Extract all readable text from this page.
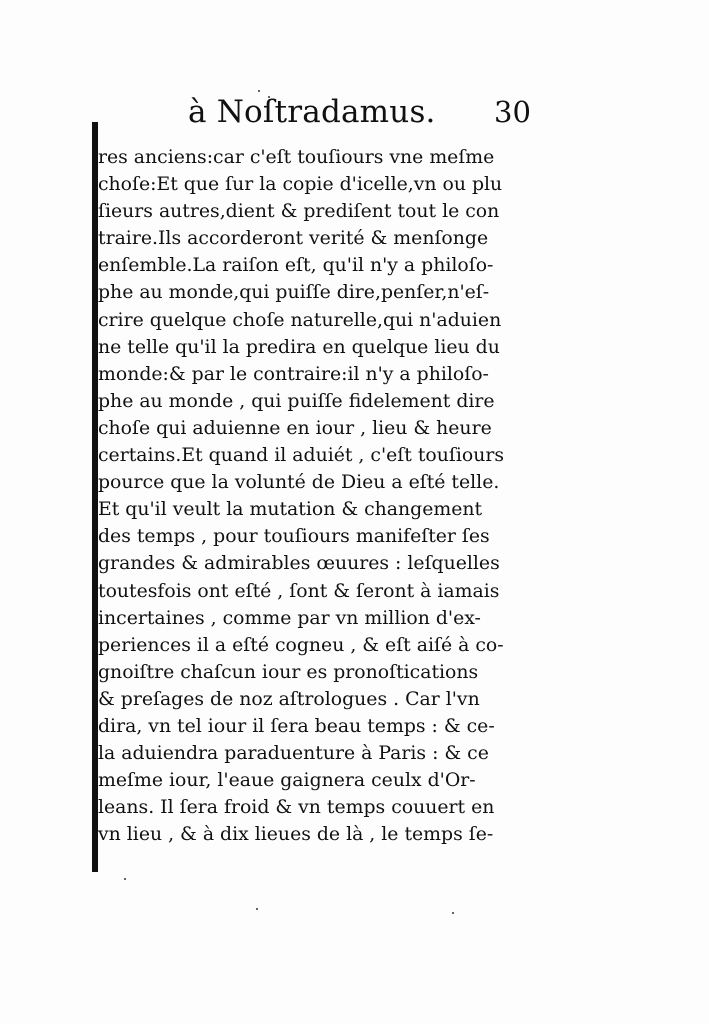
à Noſtradamus. 30
res anciens:car c'eſt touſiours vne meſme
choſe:Et que ſur la copie d'icelle,vn ou plu
ſieurs autres,dient & prediſent tout le con
traire.Ils accorderont verité & menſonge
enſemble.La raiſon eſt, qu'il n'y a philoſo-
phe au monde,qui puiſſe dire,penſer,n'eſ-
crire quelque choſe naturelle,qui n'aduien
ne telle qu'il la predira en quelque lieu du
monde:& par le contraire:il n'y a philoſo-
phe au monde , qui puiſſe fidelement dire
choſe qui aduienne en iour , lieu & heure
certains.Et quand il aduiét , c'eſt touſiours
pource que la volunté de Dieu a eſté telle.
Et qu'il veult la mutation & changement
des temps , pour touſiours manifeſter ſes
grandes & admirables œuures : leſquelles
toutesfois ont eſté , ſont & ſeront à iamais
incertaines , comme par vn million d'ex-
periences il a eſté cogneu , & eſt aiſé à co-
gnoiſtre chaſcun iour es pronoſtications
& preſages de noz aſtrologues . Car l'vn
dira, vn tel iour il ſera beau temps : & ce-
la aduiendra paraduenture à Paris : & ce
meſme iour, l'eaue gaignera ceulx d'Or-
leans. Il ſera froid & vn temps couuert en
vn lieu , & à dix lieues de là , le temps ſe-
